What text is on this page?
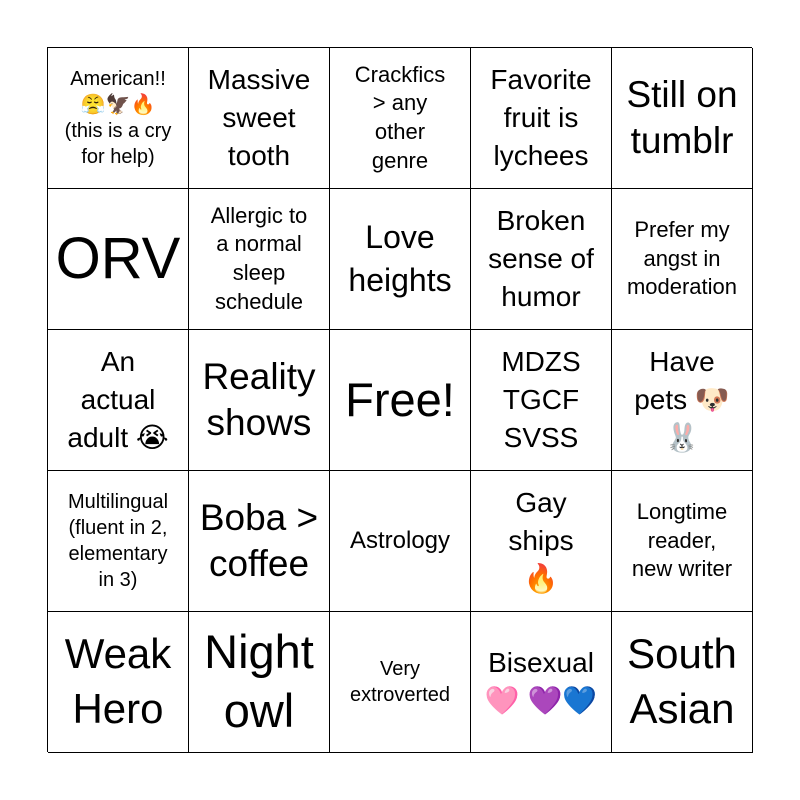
American!!
😤🦅🔥
(this is a cry
for help)
Massive
sweet
tooth
Crackfics
> any
other
genre
Favorite
fruit is
lychees
Still on
tumblr
ORV
Allergic to
a normal
sleep
schedule
Love
heights
Broken
sense of
humor
Prefer my
angst in
moderation
An
actual
adult 😭
Reality
shows Free!
MDZS
TGCF
SVSS
Have
pets 🐶
🐰
Multilingual
(fluent in 2,
elementary
in 3)
Boba >
coffee
Astrology
Gay
ships
🔥
Longtime
reader,
new writer
Weak
Hero
Night
owl
Very
extroverted
Bisexual
🩷 💜💙
South
Asian
